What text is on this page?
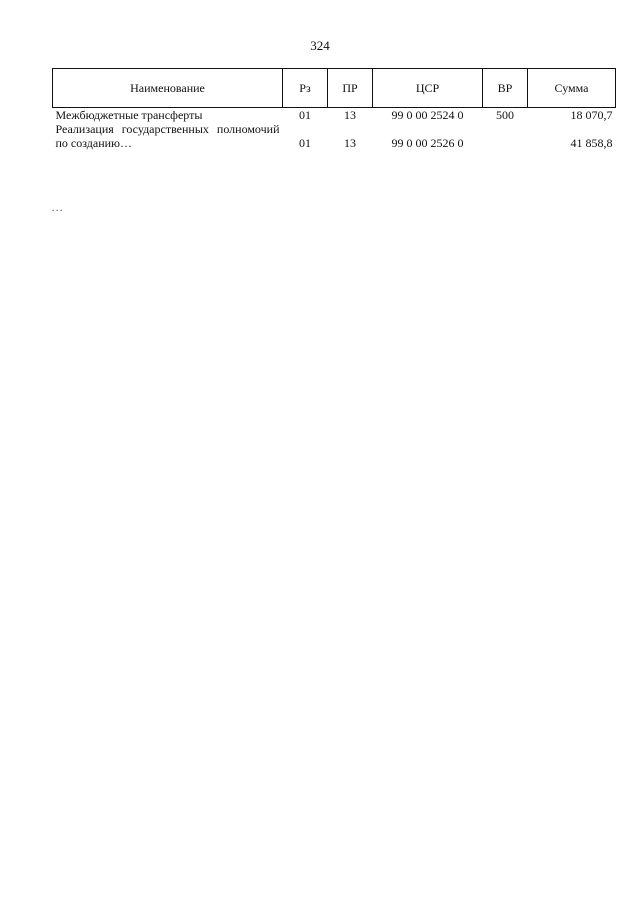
324
Наименование	Рз	ПР	ЦСР	ВР	Сумма
Межбюджетные трансферты	01	13	99 0 00 2524 0	500	18 070,7
Реализация государственных полномочий по созданию…	01	13	99 0 00 2526 0		41 858,8
…
